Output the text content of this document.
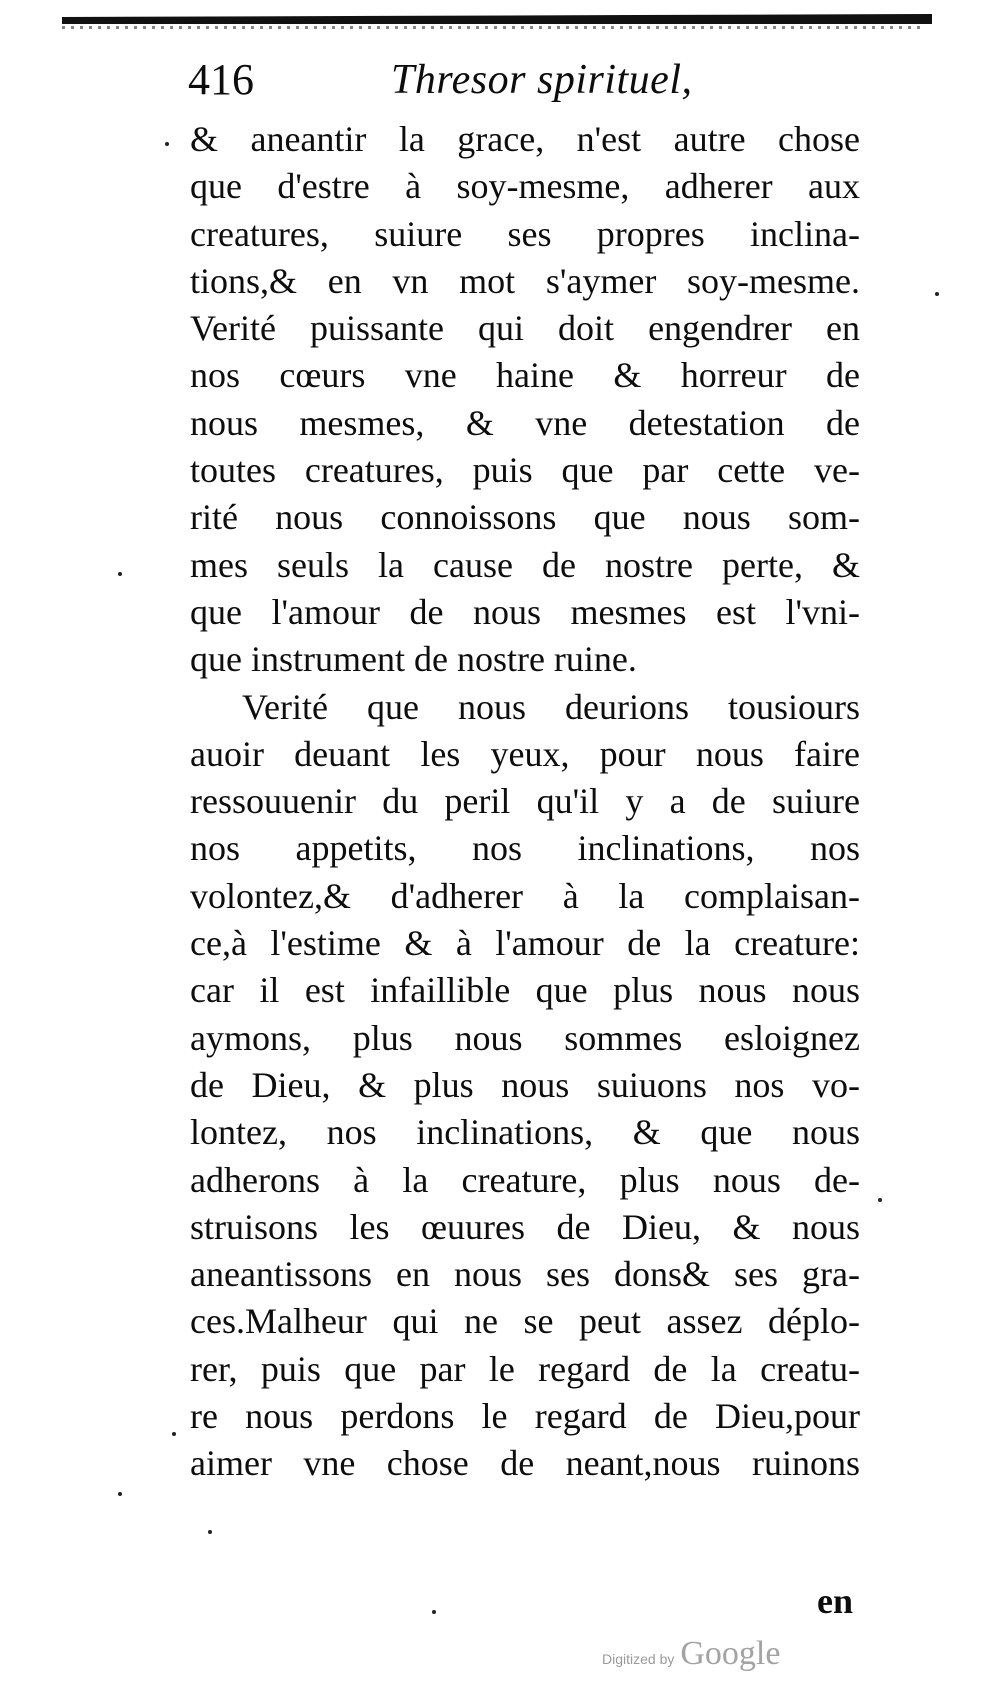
416	Thresor spirituel,
& aneantir la grace, n'est autre chose
que d'estre à soy-mesme, adherer aux
creatures, suiure ses propres inclina-
tions,& en vn mot s'aymer soy-mesme.
Verité puissante qui doit engendrer en
nos cœurs vne haine & horreur de
nous mesmes, & vne detestation de
toutes creatures, puis que par cette ve-
rité nous connoissons que nous som-
mes seuls la cause de nostre perte, &
que l'amour de nous mesmes est l'vni-
que instrument de nostre ruine.
Verité que nous deurions tousiours
auoir deuant les yeux, pour nous faire
ressouuenir du peril qu'il y a de suiure
nos appetits, nos inclinations, nos
volontez,& d'adherer à la complaisan-
ce,à l'estime & à l'amour de la creature:
car il est infaillible que plus nous nous
aymons, plus nous sommes esloignez
de Dieu, & plus nous suiuons nos vo-
lontez, nos inclinations, & que nous
adherons à la creature, plus nous de-
struisons les œuures de Dieu, & nous
aneantissons en nous ses dons& ses gra-
ces.Malheur qui ne se peut assez déplo-
rer, puis que par le regard de la creatu-
re nous perdons le regard de Dieu,pour
aimer vne chose de neant,nous ruinons
en
Digitized by Google
